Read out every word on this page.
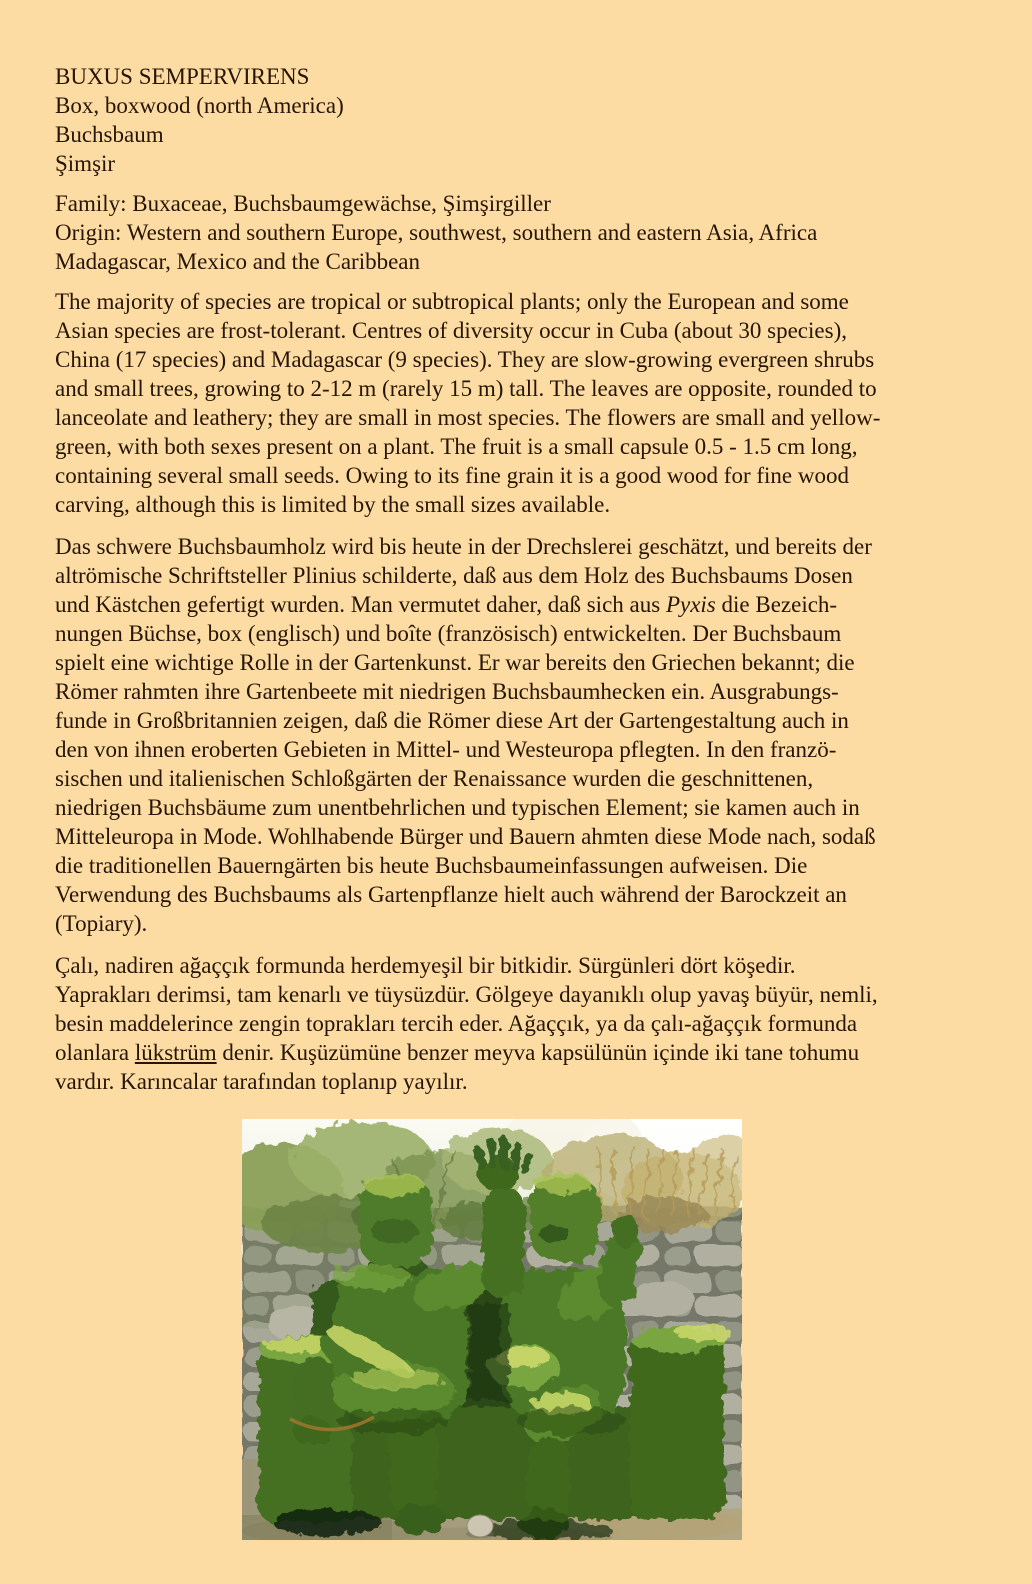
BUXUS SEMPERVIRENS
Box, boxwood (north America)
Buchsbaum
Şimşir
Family: Buxaceae, Buchsbaumgewächse, Şimşirgiller
Origin: Western and southern Europe, southwest, southern and eastern Asia, Africa
Madagascar, Mexico and the Caribbean
The majority of species are tropical or subtropical plants; only the European and some
Asian species are frost-tolerant. Centres of diversity occur in Cuba (about 30 species),
China (17 species) and Madagascar (9 species). They are slow-growing evergreen shrubs
and small trees, growing to 2-12 m (rarely 15 m) tall. The leaves are opposite, rounded to
lanceolate and leathery; they are small in most species. The flowers are small and yellow-
green, with both sexes present on a plant. The fruit is a small capsule 0.5 - 1.5 cm long,
containing several small seeds. Owing to its fine grain it is a good wood for fine wood
carving, although this is limited by the small sizes available.
Das schwere Buchsbaumholz wird bis heute in der Drechslerei geschätzt, und bereits der
altrömische Schriftsteller Plinius schilderte, daß aus dem Holz des Buchsbaums Dosen
und Kästchen gefertigt wurden. Man vermutet daher, daß sich aus Pyxis die Bezeich-
nungen Büchse, box (englisch) und boîte (französisch) entwickelten. Der Buchsbaum
spielt eine wichtige Rolle in der Gartenkunst. Er war bereits den Griechen bekannt; die
Römer rahmten ihre Gartenbeete mit niedrigen Buchsbaumhecken ein. Ausgrabungs-
funde in Großbritannien zeigen, daß die Römer diese Art der Gartengestaltung auch in
den von ihnen eroberten Gebieten in Mittel- und Westeuropa pflegten. In den franzö-
sischen und italienischen Schloßgärten der Renaissance wurden die geschnittenen,
niedrigen Buchsbäume zum unentbehrlichen und typischen Element; sie kamen auch in
Mitteleuropa in Mode. Wohlhabende Bürger und Bauern ahmten diese Mode nach, sodaß
die traditionellen Bauerngärten bis heute Buchsbaumeinfassungen aufweisen. Die
Verwendung des Buchsbaums als Gartenpflanze hielt auch während der Barockzeit an
(Topiary).
Çalı, nadiren ağaççık formunda herdemyeşil bir bitkidir. Sürgünleri dört köşedir.
Yaprakları derimsi, tam kenarlı ve tüysüzdür. Gölgeye dayanıklı olup yavaş büyür, nemli,
besin maddelerince zengin toprakları tercih eder. Ağaççık, ya da çalı-ağaççık formunda
olanlara lükstrüm denir. Kuşüzümüne benzer meyva kapsülünün içinde iki tane tohumu
vardır. Karıncalar tarafından toplanıp yayılır.
